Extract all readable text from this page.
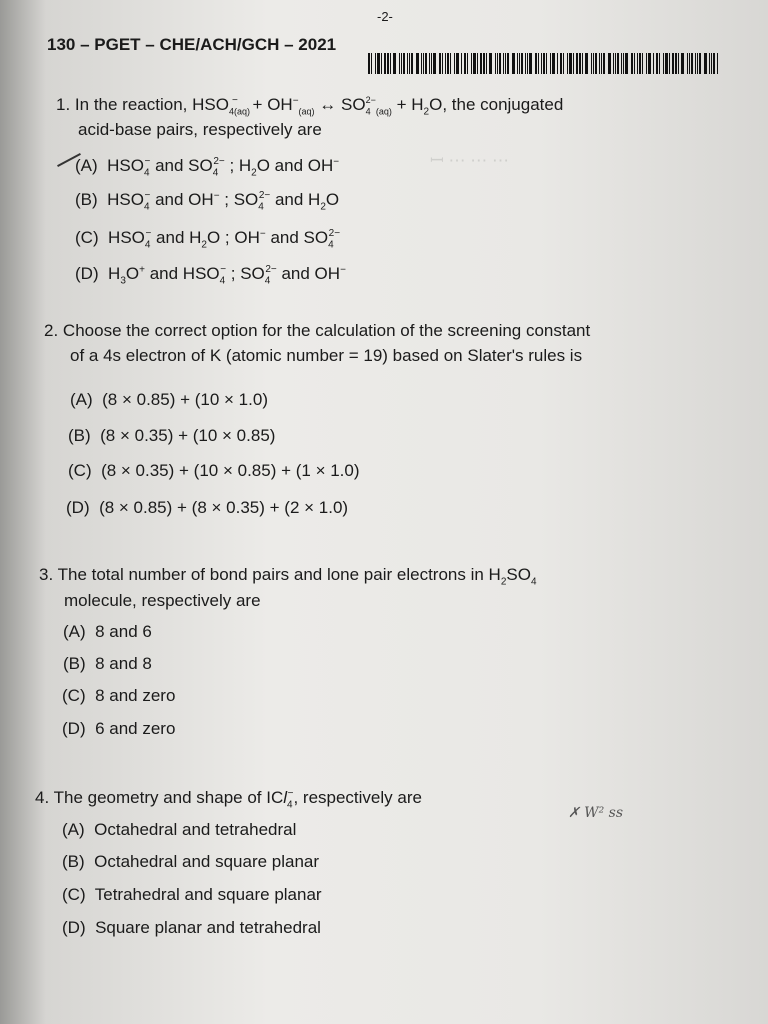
ꟷ ⋯ ⋯ ⋯
-2-
130 – PGET – CHE/ACH/GCH – 2021
1. In the reaction, $HSO_{4(aq)}^- + OH^-_{(aq)}$ ↔ $SO_4^{2-}_{(aq)} + H_2O$, the conjugated
acid-base pairs, respectively are
(A)  $HSO_4^-$ and $SO_4^{2-}$ ; $H_2O$ and OH−
(B)  $HSO_4^-$ and OH− ; $SO_4^{2-}$ and $H_2O$
(C)  $HSO_4^-$ and $H_2O$ ; OH− and $SO_4^{2-}$
(D)  $H_3O^+$ and $HSO_4^-$ ; $SO_4^{2-}$ and OH−
2. Choose the correct option for the calculation of the screening constant
of a 4s electron of K (atomic number = 19) based on Slater's rules is
(A) (8 × 0.85) + (10 × 1.0)
(B) (8 × 0.35) + (10 × 0.85)
(C) (8 × 0.35) + (10 × 0.85) + (1 × 1.0)
(D) (8 × 0.85) + (8 × 0.35) + (2 × 1.0)
3. The total number of bond pairs and lone pair electrons in $H_2SO_4$
molecule, respectively are
(A) 8 and 6
(B) 8 and 8
(C) 8 and zero
(D) 6 and zero
4. The geometry and shape of ICl$_4$−, respectively are
✗ W² ss
(A) Octahedral and tetrahedral
(B) Octahedral and square planar
(C) Tetrahedral and square planar
(D) Square planar and tetrahedral
